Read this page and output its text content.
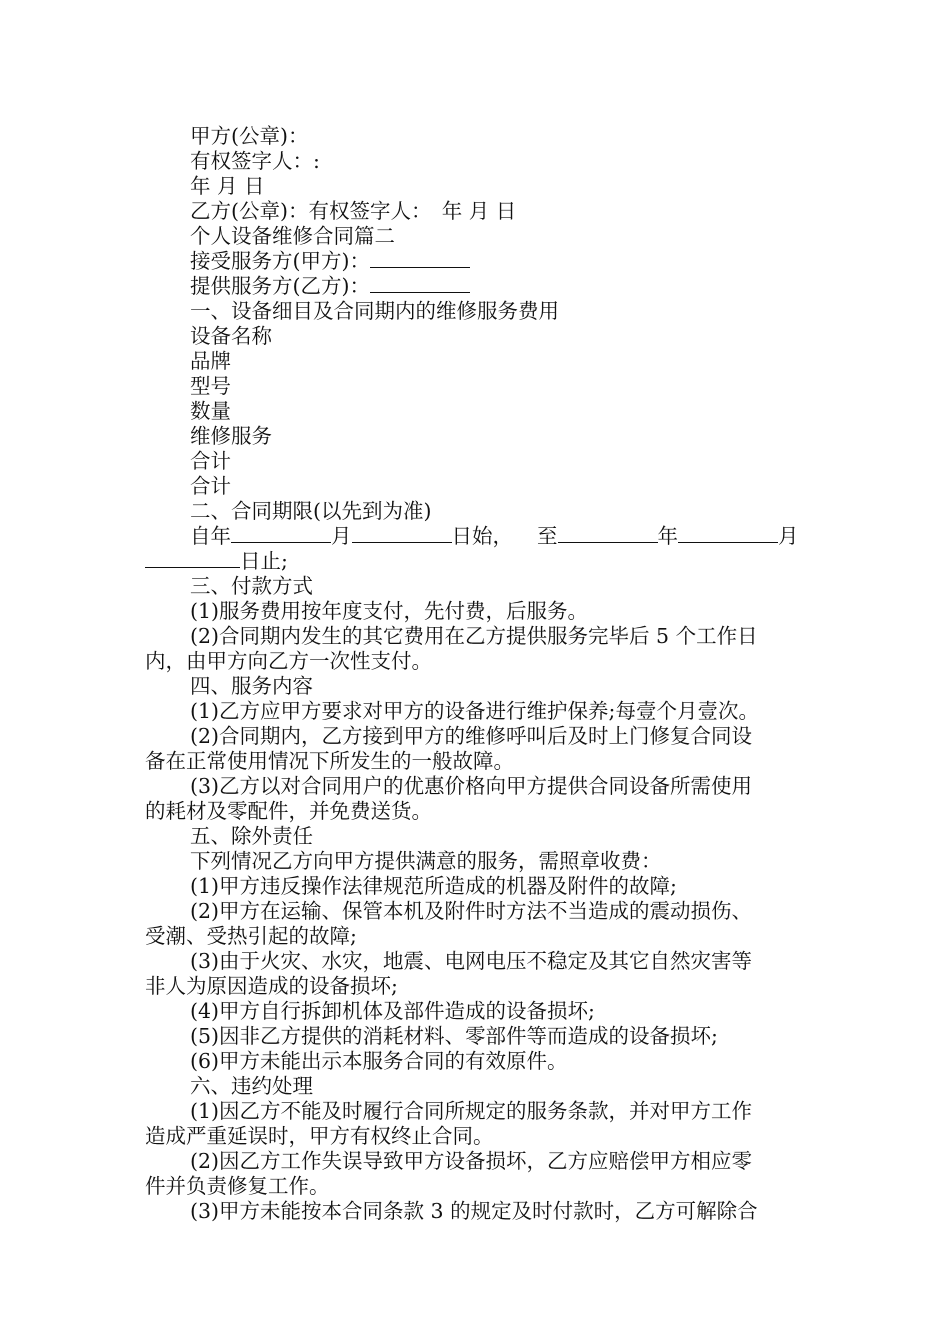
甲方(公章)：
有权签字人：:
年 月 日
乙方(公章)：有权签字人：　年 月 日
个人设备维修合同篇二
接受服务方(甲方)：
提供服务方(乙方)：
一、设备细目及合同期内的维修服务费用
设备名称
品牌
型号
数量
维修服务
合计
合计
二、合同期限(以先到为准)
自年	月	日始， 至	年	月
日止;
三、付款方式
(1)服务费用按年度支付，先付费，后服务。
(2)合同期内发生的其它费用在乙方提供服务完毕后 5 个工作日
内，由甲方向乙方一次性支付。
四、服务内容
(1)乙方应甲方要求对甲方的设备进行维护保养;每壹个月壹次。
(2)合同期内，乙方接到甲方的维修呼叫后及时上门修复合同设
备在正常使用情况下所发生的一般故障。
(3)乙方以对合同用户的优惠价格向甲方提供合同设备所需使用
的耗材及零配件，并免费送货。
五、除外责任
下列情况乙方向甲方提供满意的服务，需照章收费：
(1)甲方违反操作法律规范所造成的机器及附件的故障;
(2)甲方在运输、保管本机及附件时方法不当造成的震动损伤、
受潮、受热引起的故障;
(3)由于火灾、水灾，地震、电网电压不稳定及其它自然灾害等
非人为原因造成的设备损坏;
(4)甲方自行拆卸机体及部件造成的设备损坏;
(5)因非乙方提供的消耗材料、零部件等而造成的设备损坏;
(6)甲方未能出示本服务合同的有效原件。
六、违约处理
(1)因乙方不能及时履行合同所规定的服务条款，并对甲方工作
造成严重延误时，甲方有权终止合同。
(2)因乙方工作失误导致甲方设备损坏，乙方应赔偿甲方相应零
件并负责修复工作。
(3)甲方未能按本合同条款 3 的规定及时付款时，乙方可解除合
